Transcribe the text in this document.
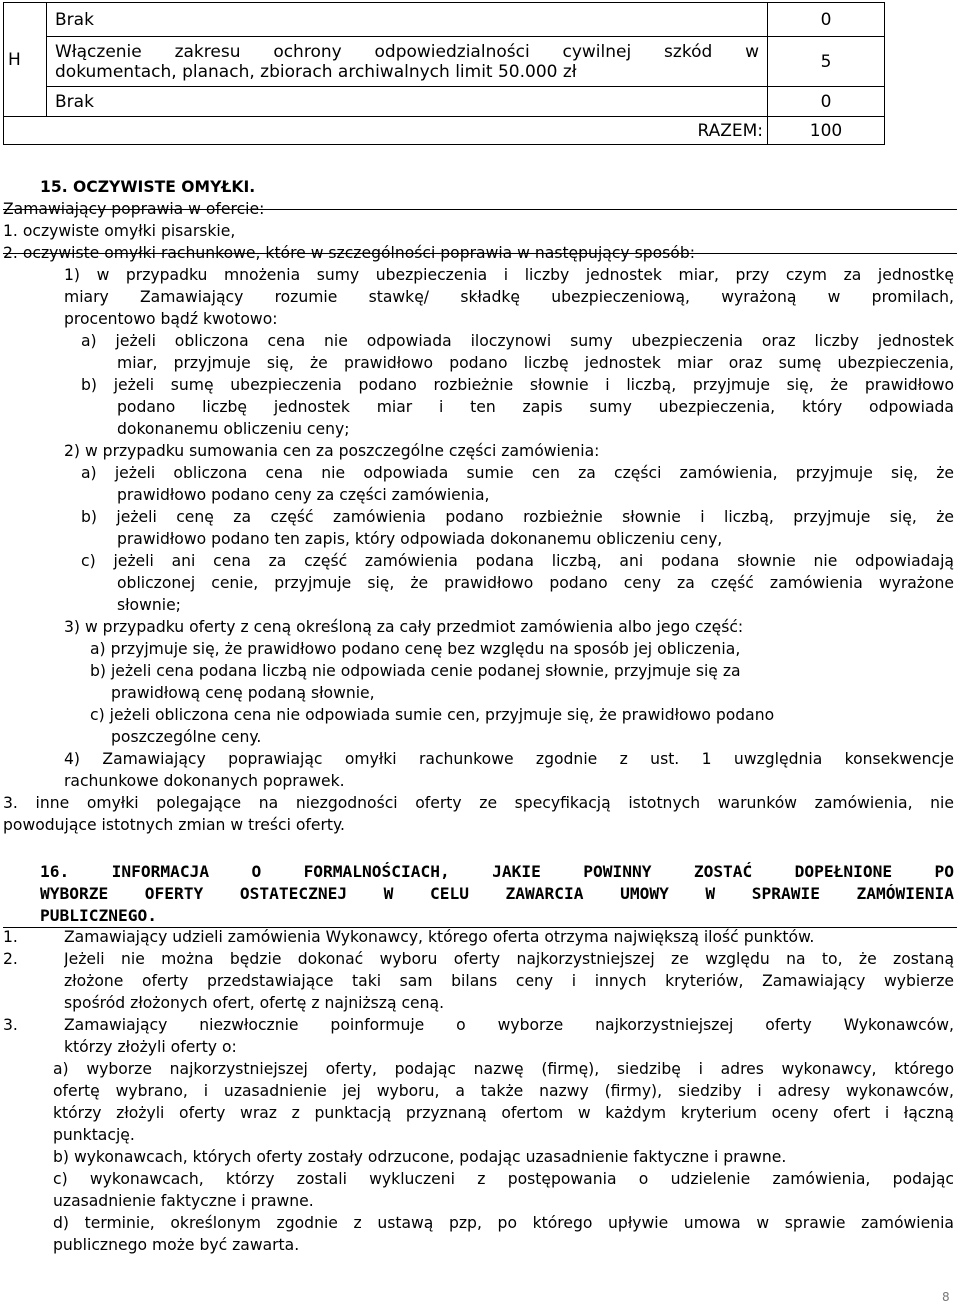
H	Brak	0

	Włączenie zakresu ochrony odpowiedzialności cywilnej szkód w
dokumentach, planach, zbiorach archiwalnych limit 50.000 zł	5

	Brak	0
RAZEM:		100
15. OCZYWISTE OMYŁKI.
Zamawiający poprawia w ofercie:
1. oczywiste omyłki pisarskie,
2. oczywiste omyłki rachunkowe, które w szczególności poprawia w następujący sposób:
1) w przypadku mnożenia sumy ubezpieczenia i liczby jednostek miar, przy czym za jednostkę
miary Zamawiający rozumie stawkę/ składkę ubezpieczeniową, wyrażoną w promilach,
procentowo bądź kwotowo:
a) jeżeli obliczona cena nie odpowiada iloczynowi sumy ubezpieczenia oraz liczby jednostek
miar, przyjmuje się, że prawidłowo podano liczbę jednostek miar oraz sumę ubezpieczenia,
b) jeżeli sumę ubezpieczenia podano rozbieżnie słownie i liczbą, przyjmuje się, że prawidłowo
podano liczbę jednostek miar i ten zapis sumy ubezpieczenia, który odpowiada
dokonanemu obliczeniu ceny;
2) w przypadku sumowania cen za poszczególne części zamówienia:
a) jeżeli obliczona cena nie odpowiada sumie cen za części zamówienia, przyjmuje się, że
prawidłowo podano ceny za części zamówienia,
b) jeżeli cenę za część zamówienia podano rozbieżnie słownie i liczbą, przyjmuje się, że
prawidłowo podano ten zapis, który odpowiada dokonanemu obliczeniu ceny,
c) jeżeli ani cena za część zamówienia podana liczbą, ani podana słownie nie odpowiadają
obliczonej cenie, przyjmuje się, że prawidłowo podano ceny za część zamówienia wyrażone
słownie;
3) w przypadku oferty z ceną określoną za cały przedmiot zamówienia albo jego część:
a) przyjmuje się, że prawidłowo podano cenę bez względu na sposób jej obliczenia,
b) jeżeli cena podana liczbą nie odpowiada cenie podanej słownie, przyjmuje się za
prawidłową cenę podaną słownie,
c) jeżeli obliczona cena nie odpowiada sumie cen, przyjmuje się, że prawidłowo podano
poszczególne ceny.
4) Zamawiający poprawiając omyłki rachunkowe zgodnie z ust. 1 uwzględnia konsekwencje
rachunkowe dokonanych poprawek.
3. inne omyłki polegające na niezgodności oferty ze specyfikacją istotnych warunków zamówienia, nie
powodujące istotnych zmian w treści oferty.
16. INFORMACJA O FORMALNOŚCIACH, JAKIE POWINNY ZOSTAĆ DOPEŁNIONE PO
WYBORZE OFERTY OSTATECZNEJ W CELU ZAWARCIA UMOWY W SPRAWIE ZAMÓWIENIA
PUBLICZNEGO.
1.	Zamawiający udzieli zamówienia Wykonawcy, którego oferta otrzyma największą ilość punktów.
2.	Jeżeli nie można będzie dokonać wyboru oferty najkorzystniejszej ze względu na to, że zostaną
złożone oferty przedstawiające taki sam bilans ceny i innych kryteriów, Zamawiający wybierze
spośród złożonych ofert, ofertę z najniższą ceną.
3.	Zamawiający niezwłocznie poinformuje o wyborze najkorzystniejszej oferty Wykonawców,
którzy złożyli oferty o:
a) wyborze najkorzystniejszej oferty, podając nazwę (firmę), siedzibę i adres wykonawcy, którego
ofertę wybrano, i uzasadnienie jej wyboru, a także nazwy (firmy), siedziby i adresy wykonawców,
którzy złożyli oferty wraz z punktacją przyznaną ofertom w każdym kryterium oceny ofert i łączną
punktację.
b) wykonawcach, których oferty zostały odrzucone, podając uzasadnienie faktyczne i prawne.
c) wykonawcach, którzy zostali wykluczeni z postępowania o udzielenie zamówienia, podając
uzasadnienie faktyczne i prawne.
d) terminie, określonym zgodnie z ustawą pzp, po którego upływie umowa w sprawie zamówienia
publicznego może być zawarta.
8
